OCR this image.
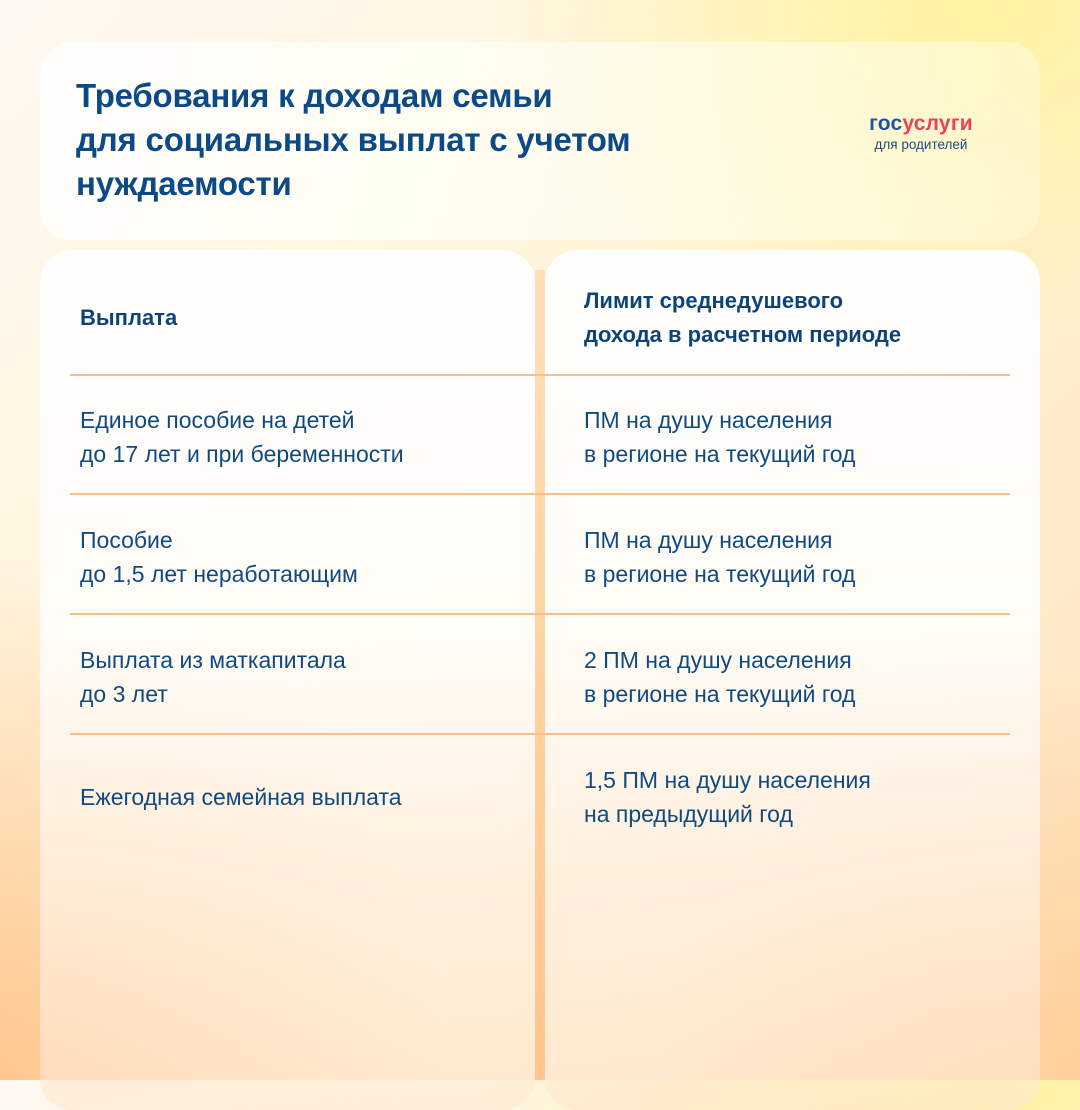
Требования к доходам семьи
для социальных выплат с учетом
нуждаемости
госуслуги
для родителей
Выплата
Лимит среднедушевого
дохода в расчетном периоде
Единое пособие на детей
до 17 лет и при беременности
ПМ на душу населения
в регионе на текущий год
Пособие
до 1,5 лет неработающим
ПМ на душу населения
в регионе на текущий год
Выплата из маткапитала
до 3 лет
2 ПМ на душу населения
в регионе на текущий год
Ежегодная семейная выплата
1,5 ПМ на душу населения
на предыдущий год
